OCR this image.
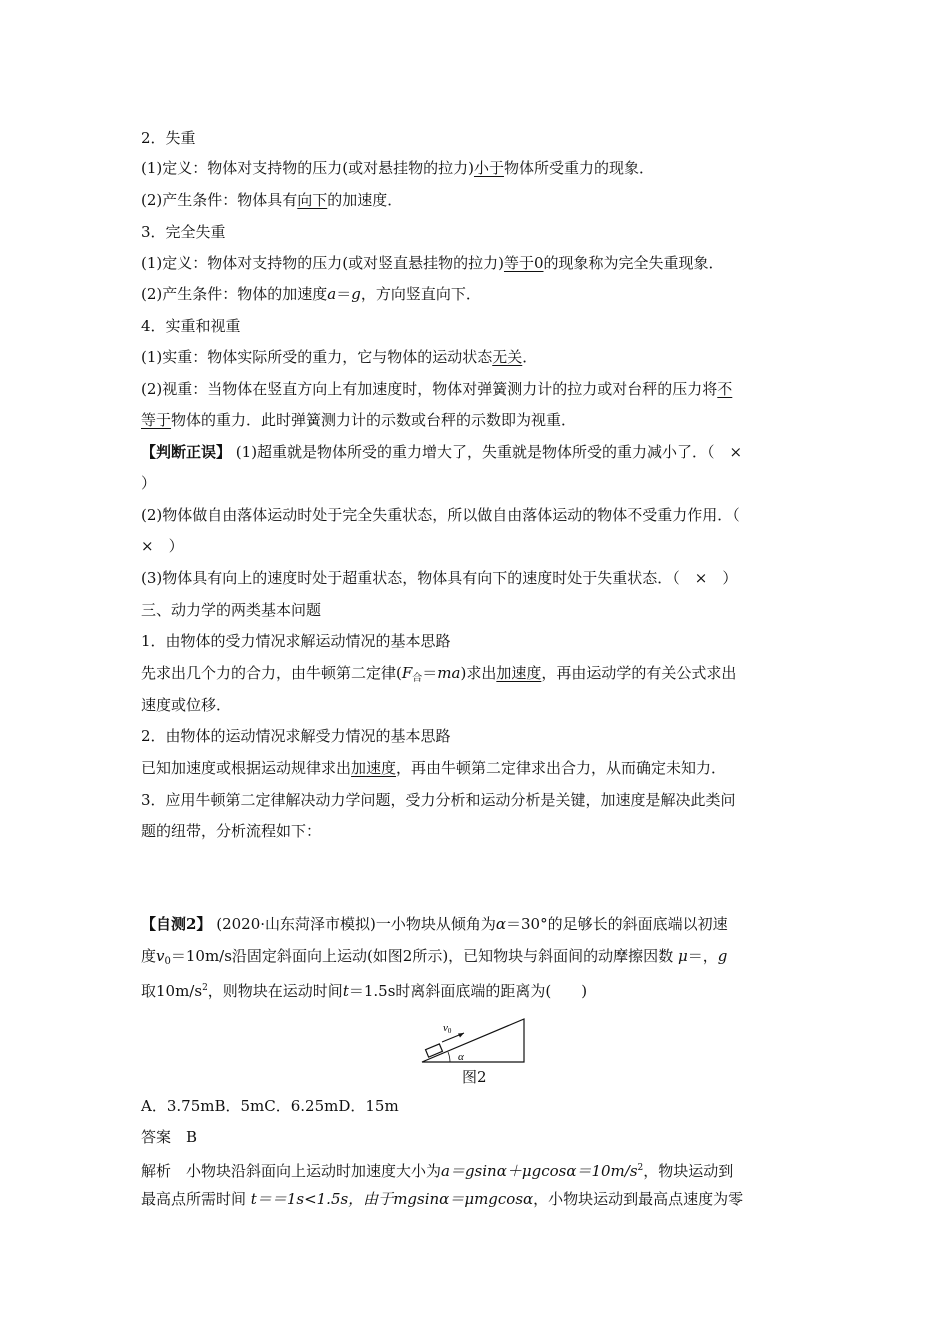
2．失重
(1)定义：物体对支持物的压力(或对悬挂物的拉力)小于物体所受重力的现象．
(2)产生条件：物体具有向下的加速度．
3．完全失重
(1)定义：物体对支持物的压力(或对竖直悬挂物的拉力)等于0的现象称为完全失重现象．
(2)产生条件：物体的加速度a＝g，方向竖直向下．
4．实重和视重
(1)实重：物体实际所受的重力，它与物体的运动状态无关．
(2)视重：当物体在竖直方向上有加速度时，物体对弹簧测力计的拉力或对台秤的压力将不
等于物体的重力．此时弹簧测力计的示数或台秤的示数即为视重．
【判断正误】 (1)超重就是物体所受的重力增大了，失重就是物体所受的重力减小了．（　×
）
(2)物体做自由落体运动时处于完全失重状态，所以做自由落体运动的物体不受重力作用．（
×　）
(3)物体具有向上的速度时处于超重状态，物体具有向下的速度时处于失重状态．（　×　）
三、动力学的两类基本问题
1．由物体的受力情况求解运动情况的基本思路
先求出几个力的合力，由牛顿第二定律$(F_合=ma)$求出加速度，再由运动学的有关公式求出
速度或位移．
2．由物体的运动情况求解受力情况的基本思路
已知加速度或根据运动规律求出加速度，再由牛顿第二定律求出合力，从而确定未知力．
3．应用牛顿第二定律解决动力学问题，受力分析和运动分析是关键，加速度是解决此类问
题的纽带，分析流程如下：
【自测2】 (2020·山东菏泽市模拟)一小物块从倾角为α＝30°的足够长的斜面底端以初速
度$v_0=10m/s$沿固定斜面向上运动(如图2所示)，已知物块与斜面间的动摩擦因数 μ＝，g
取$10m/s^2$，则物块在运动时间t＝1.5s时离斜面底端的距离为(　　)
v0
α
图2
A．3.75mB．5mC．6.25mD．15m
答案　B
解析　小物块沿斜面向上运动时加速度大小为$a=gsin\alpha+\mu gcos\alpha=10m/s^2$，物块运动到
最高点所需时间 t＝＝1s<1.5s，由于mgsinα＝μmgcosα，小物块运动到最高点速度为零
